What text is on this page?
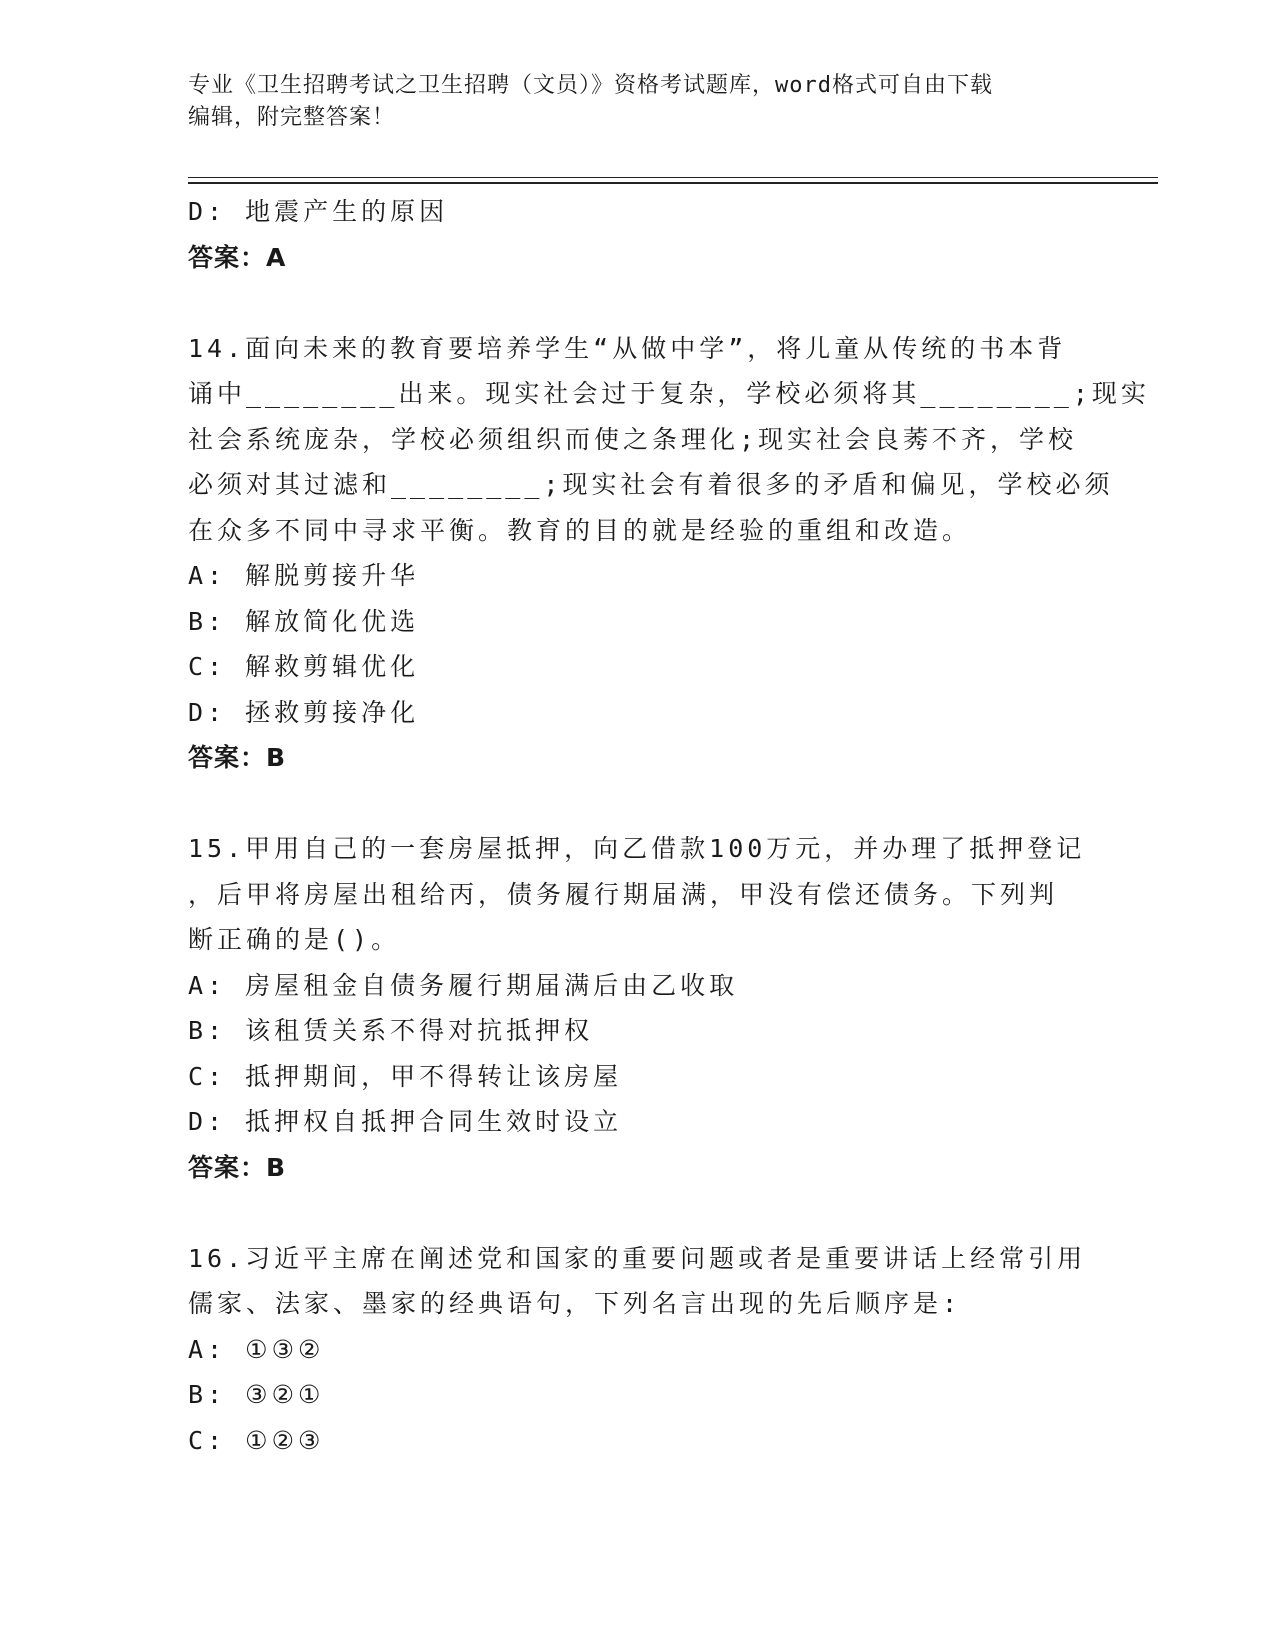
专业《卫生招聘考试之卫生招聘（文员）》资格考试题库，word格式可自由下载
编辑，附完整答案！
D: 地震产生的原因
答案：A
14.面向未来的教育要培养学生“从做中学”，将儿童从传统的书本背
诵中________出来。现实社会过于复杂，学校必须将其________;现实
社会系统庞杂，学校必须组织而使之条理化;现实社会良莠不齐，学校
必须对其过滤和________;现实社会有着很多的矛盾和偏见，学校必须
在众多不同中寻求平衡。教育的目的就是经验的重组和改造。
A: 解脱剪接升华
B: 解放简化优选
C: 解救剪辑优化
D: 拯救剪接净化
答案：B
15.甲用自己的一套房屋抵押，向乙借款100万元，并办理了抵押登记
，后甲将房屋出租给丙，债务履行期届满，甲没有偿还债务。下列判
断正确的是()。
A: 房屋租金自债务履行期届满后由乙收取
B: 该租赁关系不得对抗抵押权
C: 抵押期间，甲不得转让该房屋
D: 抵押权自抵押合同生效时设立
答案：B
16.习近平主席在阐述党和国家的重要问题或者是重要讲话上经常引用
儒家、法家、墨家的经典语句，下列名言出现的先后顺序是:
A: ①③②
B: ③②①
C: ①②③
